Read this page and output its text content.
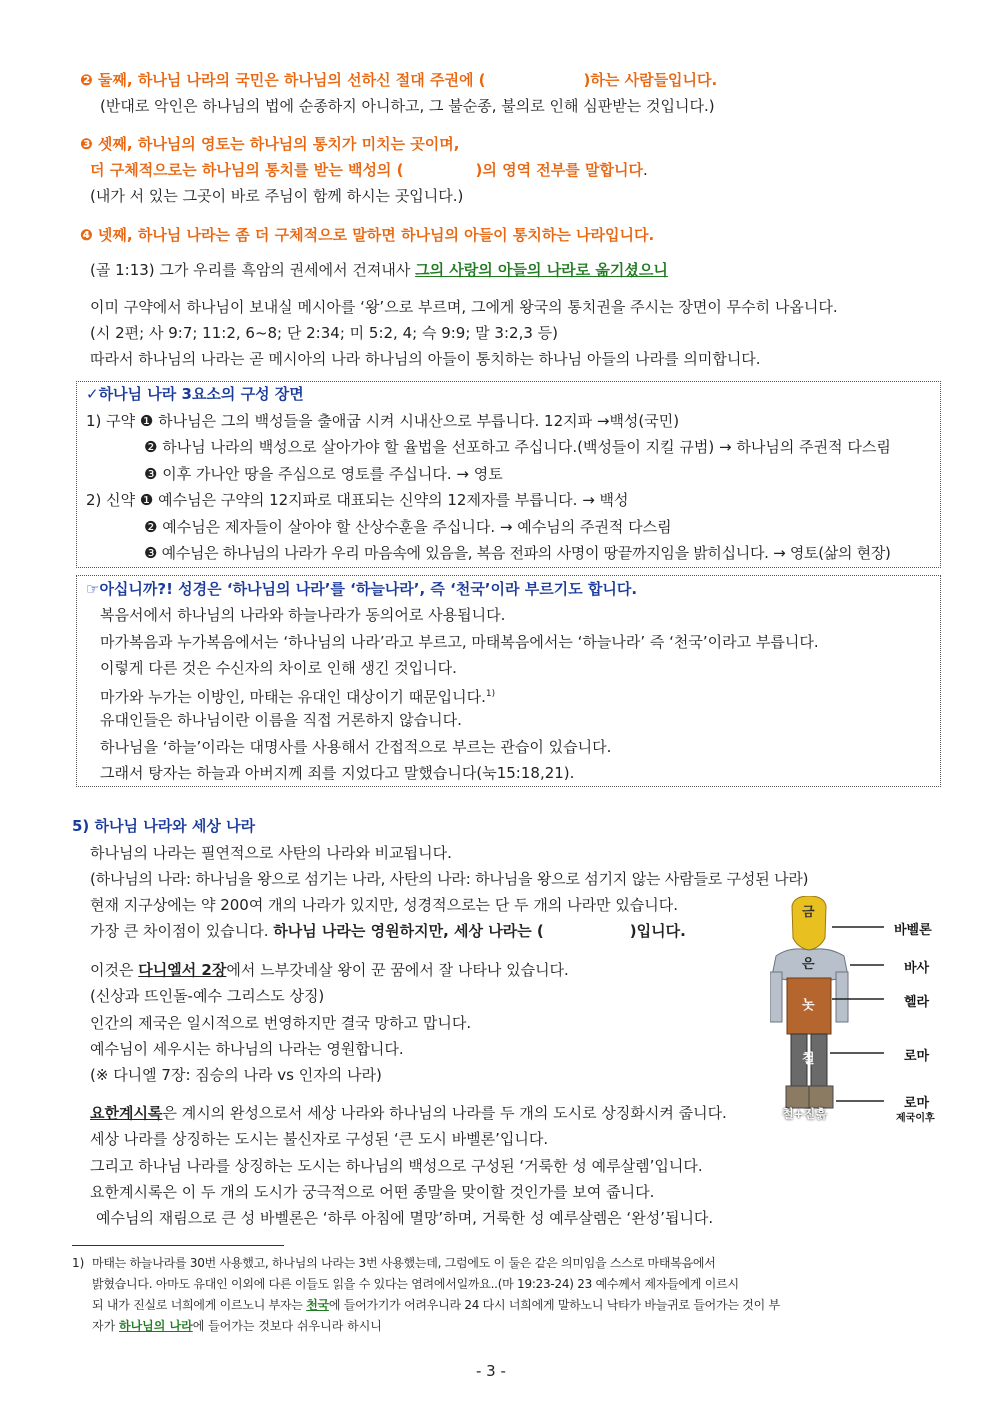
❷ 둘째, 하나님 나라의 국민은 하나님의 선하신 절대 주권에 (	)하는 사람들입니다.
(반대로 악인은 하나님의 법에 순종하지 아니하고, 그 불순종, 불의로 인해 심판받는 것입니다.)
❸ 셋째, 하나님의 영토는 하나님의 통치가 미치는 곳이며,
더 구체적으로는 하나님의 통치를 받는 백성의 (	)의 영역 전부를 말합니다.
(내가 서 있는 그곳이 바로 주님이 함께 하시는 곳입니다.)
❹ 넷째, 하나님 나라는 좀 더 구체적으로 말하면 하나님의 아들이 통치하는 나라입니다.
(골 1:13) 그가 우리를 흑암의 권세에서 건져내사 그의 사랑의 아들의 나라로 옮기셨으니
이미 구약에서 하나님이 보내실 메시아를 ‘왕’으로 부르며, 그에게 왕국의 통치권을 주시는 장면이 무수히 나옵니다.
(시 2편; 사 9:7; 11:2, 6~8; 단 2:34; 미 5:2, 4; 슥 9:9; 말 3:2,3 등)
따라서 하나님의 나라는 곧 메시아의 나라 하나님의 아들이 통치하는 하나님 아들의 나라를 의미합니다.
✓하나님 나라 3요소의 구성 장면
1) 구약 ❶ 하나님은 그의 백성들을 출애굽 시켜 시내산으로 부릅니다. 12지파 →백성(국민)
❷ 하나님 나라의 백성으로 살아가야 할 율법을 선포하고 주십니다.(백성들이 지킬 규범) → 하나님의 주권적 다스림
❸ 이후 가나안 땅을 주심으로 영토를 주십니다. → 영토
2) 신약 ❶ 예수님은 구약의 12지파로 대표되는 신약의 12제자를 부릅니다. → 백성
❷ 예수님은 제자들이 살아야 할 산상수훈을 주십니다. → 예수님의 주권적 다스림
❸ 예수님은 하나님의 나라가 우리 마음속에 있음을, 복음 전파의 사명이 땅끝까지임을 밝히십니다. → 영토(삶의 현장)
☞아십니까?! 성경은 ‘하나님의 나라’를 ‘하늘나라’, 즉 ‘천국’이라 부르기도 합니다.
복음서에서 하나님의 나라와 하늘나라가 동의어로 사용됩니다.
마가복음과 누가복음에서는 ‘하나님의 나라’라고 부르고, 마태복음에서는 ‘하늘나라’ 즉 ‘천국’이라고 부릅니다.
이렇게 다른 것은 수신자의 차이로 인해 생긴 것입니다.
마가와 누가는 이방인, 마태는 유대인 대상이기 때문입니다.$^{1)}$
유대인들은 하나님이란 이름을 직접 거론하지 않습니다.
하나님을 ‘하늘’이라는 대명사를 사용해서 간접적으로 부르는 관습이 있습니다.
그래서 탕자는 하늘과 아버지께 죄를 지었다고 말했습니다(눅15:18,21).
5) 하나님 나라와 세상 나라
하나님의 나라는 필연적으로 사탄의 나라와 비교됩니다.
(하나님의 나라: 하나님을 왕으로 섬기는 나라, 사탄의 나라: 하나님을 왕으로 섬기지 않는 사람들로 구성된 나라)
현재 지구상에는 약 200여 개의 나라가 있지만, 성경적으로는 단 두 개의 나라만 있습니다.
가장 큰 차이점이 있습니다. 하나님 나라는 영원하지만, 세상 나라는 (	)입니다.
이것은 다니엘서 2장에서 느부갓네살 왕이 꾼 꿈에서 잘 나타나 있습니다.
(신상과 뜨인돌-예수 그리스도 상징)
인간의 제국은 일시적으로 번영하지만 결국 망하고 맙니다.
예수님이 세우시는 하나님의 나라는 영원합니다.
(※ 다니엘 7장: 짐승의 나라 vs 인자의 나라)
요한계시록은 계시의 완성으로서 세상 나라와 하나님의 나라를 두 개의 도시로 상징화시켜 줍니다.
세상 나라를 상징하는 도시는 불신자로 구성된 ‘큰 도시 바벨론’입니다.
그리고 하나님 나라를 상징하는 도시는 하나님의 백성으로 구성된 ‘거룩한 성 예루살렘’입니다.
요한계시록은 이 두 개의 도시가 궁극적으로 어떤 종말을 맞이할 것인가를 보여 줍니다.
예수님의 재림으로 큰 성 바벨론은 ‘하루 아침에 멸망’하며, 거룩한 성 예루살렘은 ‘완성’됩니다.
금
은
놋
철
철+진흙
바벨론
바사
헬라
로마
로마
제국이후
1) 마태는 하늘나라를 30번 사용했고, 하나님의 나라는 3번 사용했는데, 그럼에도 이 둘은 같은 의미임을 스스로 마태복음에서
밝혔습니다. 아마도 유대인 이외에 다른 이들도 읽을 수 있다는 염려에서일까요..(마 19:23-24) 23 예수께서 제자들에게 이르시
되 내가 진실로 너희에게 이르노니 부자는 천국에 들어가기가 어려우니라 24 다시 너희에게 말하노니 낙타가 바늘귀로 들어가는 것이 부
자가 하나님의 나라에 들어가는 것보다 쉬우니라 하시니
- 3 -
